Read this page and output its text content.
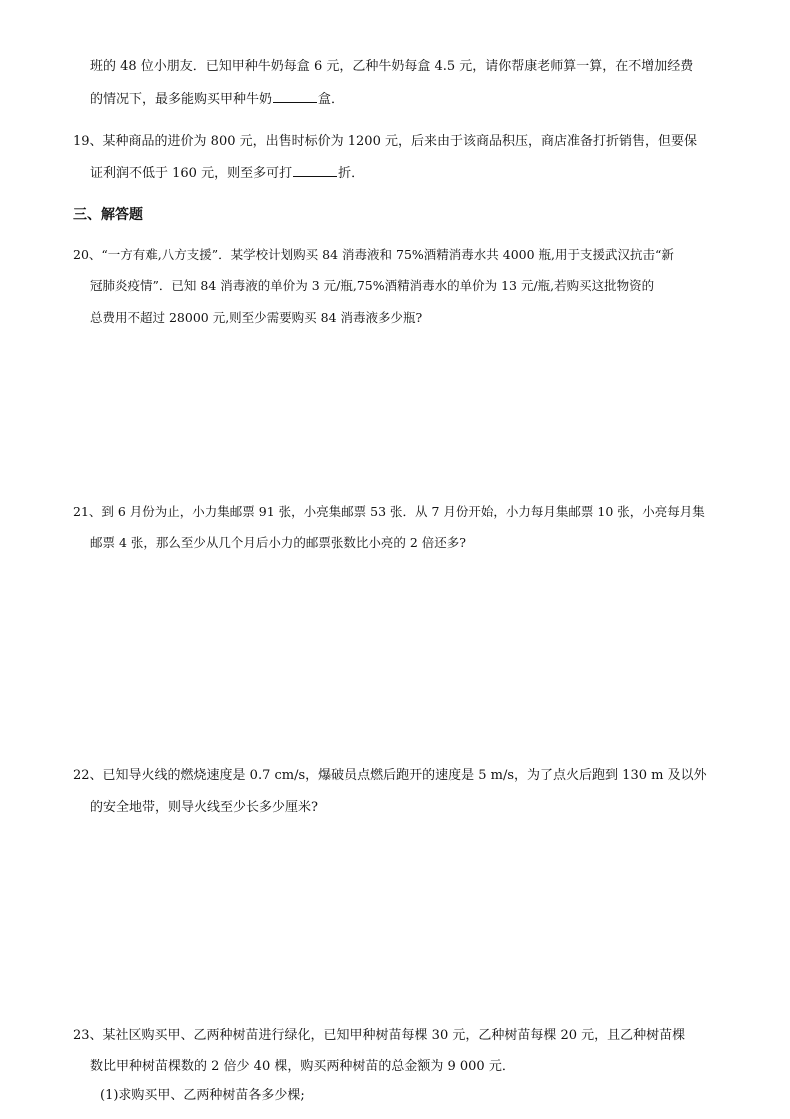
班的 48 位小朋友．已知甲种牛奶每盒 6 元，乙种牛奶每盒 4.5 元，请你帮康老师算一算，在不增加经费
的情况下，最多能购买甲种牛奶	盒．
19、某种商品的进价为 800 元，出售时标价为 1200 元，后来由于该商品积压，商店准备打折销售，但要保
证利润不低于 160 元，则至多可打	折．
三、解答题
20、“一方有难,八方支援”．某学校计划购买 84 消毒液和 75%酒精消毒水共 4000 瓶,用于支援武汉抗击“新
冠肺炎疫情”．已知 84 消毒液的单价为 3 元/瓶,75%酒精消毒水的单价为 13 元/瓶,若购买这批物资的
总费用不超过 28000 元,则至少需要购买 84 消毒液多少瓶?
21、到 6 月份为止，小力集邮票 91 张，小亮集邮票 53 张．从 7 月份开始，小力每月集邮票 10 张，小亮每月集
邮票 4 张，那么至少从几个月后小力的邮票张数比小亮的 2 倍还多?
22、已知导火线的燃烧速度是 0.7 cm/s，爆破员点燃后跑开的速度是 5 m/s，为了点火后跑到 130 m 及以外
的安全地带，则导火线至少长多少厘米?
23、某社区购买甲、乙两种树苗进行绿化，已知甲种树苗每棵 30 元，乙种树苗每棵 20 元，且乙种树苗棵
数比甲种树苗棵数的 2 倍少 40 棵，购买两种树苗的总金额为 9 000 元．
(1)求购买甲、乙两种树苗各多少棵;
